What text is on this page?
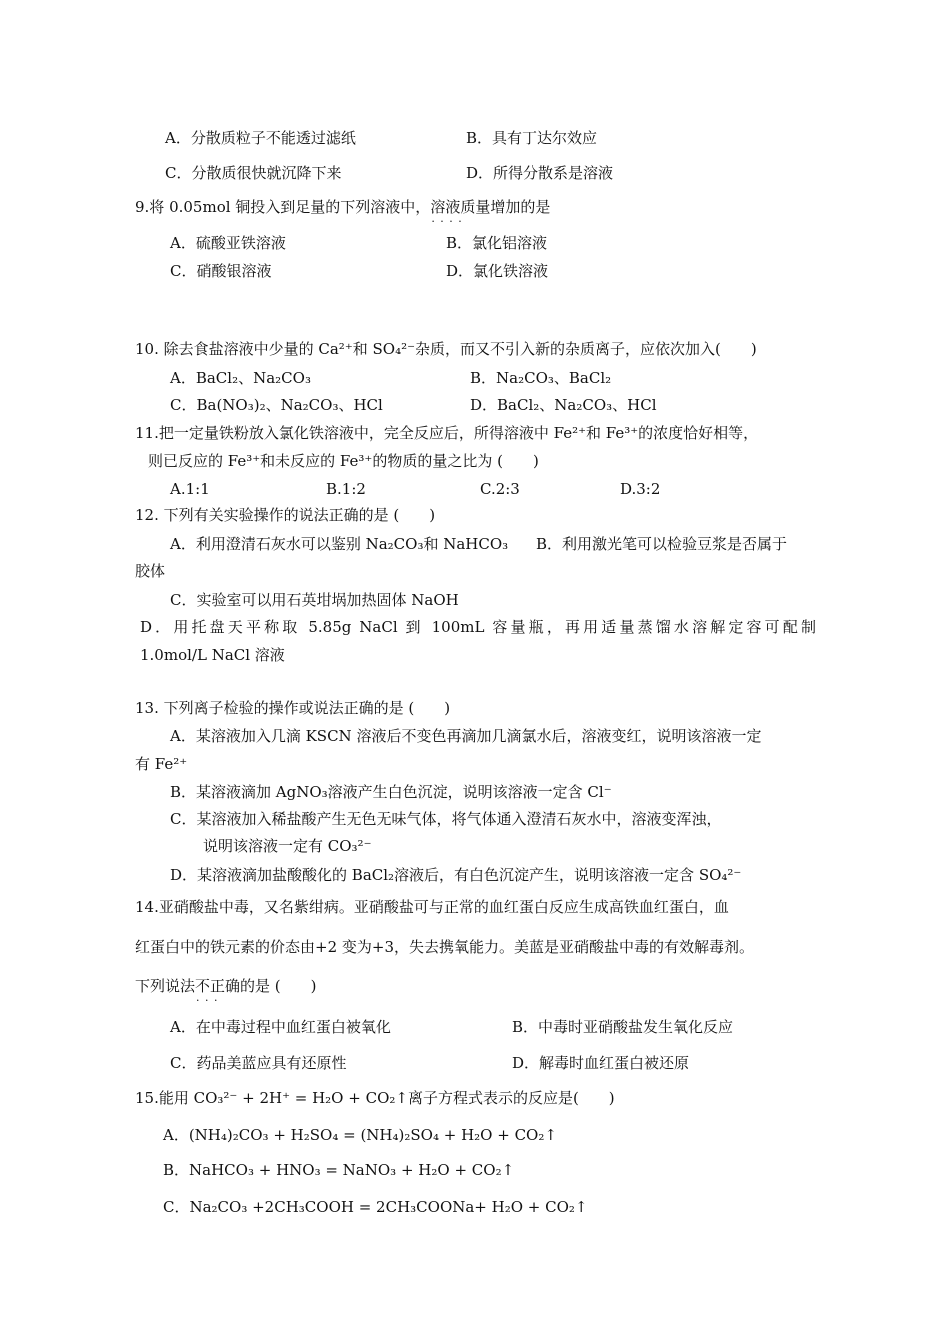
A．分散质粒子不能透过滤纸	B．具有丁达尔效应
C．分散质很快就沉降下来	D．所得分散系是溶液
9.将 0.05mol 铜投入到足量的下列溶液中，溶液质量 · · · ·增加的是
A．硫酸亚铁溶液	B．氯化铝溶液
C．硝酸银溶液	D．氯化铁溶液
10. 除去食盐溶液中少量的 Ca²⁺和 SO₄²⁻杂质，而又不引入新的杂质离子，应依次加入(　　)
A．BaCl₂、Na₂CO₃	B．Na₂CO₃、BaCl₂
C．Ba(NO₃)₂、Na₂CO₃、HCl	D．BaCl₂、Na₂CO₃、HCl
11.把一定量铁粉放入氯化铁溶液中，完全反应后，所得溶液中 Fe²⁺和 Fe³⁺的浓度恰好相等，
则已反应的 Fe³⁺和未反应的 Fe³⁺的物质的量之比为 (　　)
A.1:1	B.1:2	C.2:3	D.3:2
12. 下列有关实验操作的说法正确的是 (　　)
A．利用澄清石灰水可以鉴别 Na₂CO₃和 NaHCO₃ B．利用激光笔可以检验豆浆是否属于
胶体
C．实验室可以用石英坩埚加热固体 NaOH
D．用托盘天平称取 5.85g NaCl 到 100mL 容量瓶，再用适量蒸馏水溶解定容可配制
1.0mol/L NaCl 溶液
13. 下列离子检验的操作或说法正确的是 (　　)
A．某溶液加入几滴 KSCN 溶液后不变色再滴加几滴氯水后，溶液变红，说明该溶液一定
有 Fe²⁺
B．某溶液滴加 AgNO₃溶液产生白色沉淀，说明该溶液一定含 Cl⁻
C．某溶液加入稀盐酸产生无色无味气体，将气体通入澄清石灰水中，溶液变浑浊，
说明该溶液一定有 CO₃²⁻
D．某溶液滴加盐酸酸化的 BaCl₂溶液后，有白色沉淀产生，说明该溶液一定含 SO₄²⁻
14.亚硝酸盐中毒，又名紫绀病。亚硝酸盐可与正常的血红蛋白反应生成高铁血红蛋白，血
红蛋白中的铁元素的价态由+2 变为+3，失去携氧能力。美蓝是亚硝酸盐中毒的有效解毒剂。
下列说法不正确 · · ·的是 (　　)
A．在中毒过程中血红蛋白被氧化	B．中毒时亚硝酸盐发生氧化反应
C．药品美蓝应具有还原性	D．解毒时血红蛋白被还原
15.能用 CO₃²⁻ + 2H⁺ = H₂O + CO₂↑离子方程式表示的反应是(　　)
A．(NH₄)₂CO₃ + H₂SO₄ = (NH₄)₂SO₄ + H₂O + CO₂↑
B．NaHCO₃ + HNO₃ = NaNO₃ + H₂O + CO₂↑
C．Na₂CO₃ +2CH₃COOH = 2CH₃COONa+ H₂O + CO₂↑
